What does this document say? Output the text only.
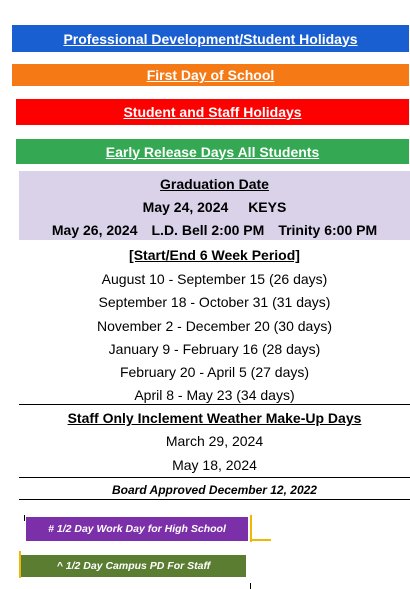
Professional Development/Student Holidays
First Day of School
Student and Staff Holidays
Early Release Days All Students
Graduation Date
May 24, 2024 KEYS
May 26, 2024 L.D. Bell 2:00 PM Trinity 6:00 PM
[Start/End 6 Week Period]
August 10 - September 15 (26 days)
September 18 - October 31 (31 days)
November 2 - December 20 (30 days)
January 9 - February 16 (28 days)
February 20 - April 5 (27 days)
April 8 - May 23 (34 days)
Staff Only Inclement Weather Make-Up Days
March 29, 2024
May 18, 2024
Board Approved December 12, 2022
# 1/2 Day Work Day for High School
^ 1/2 Day Campus PD For Staff
